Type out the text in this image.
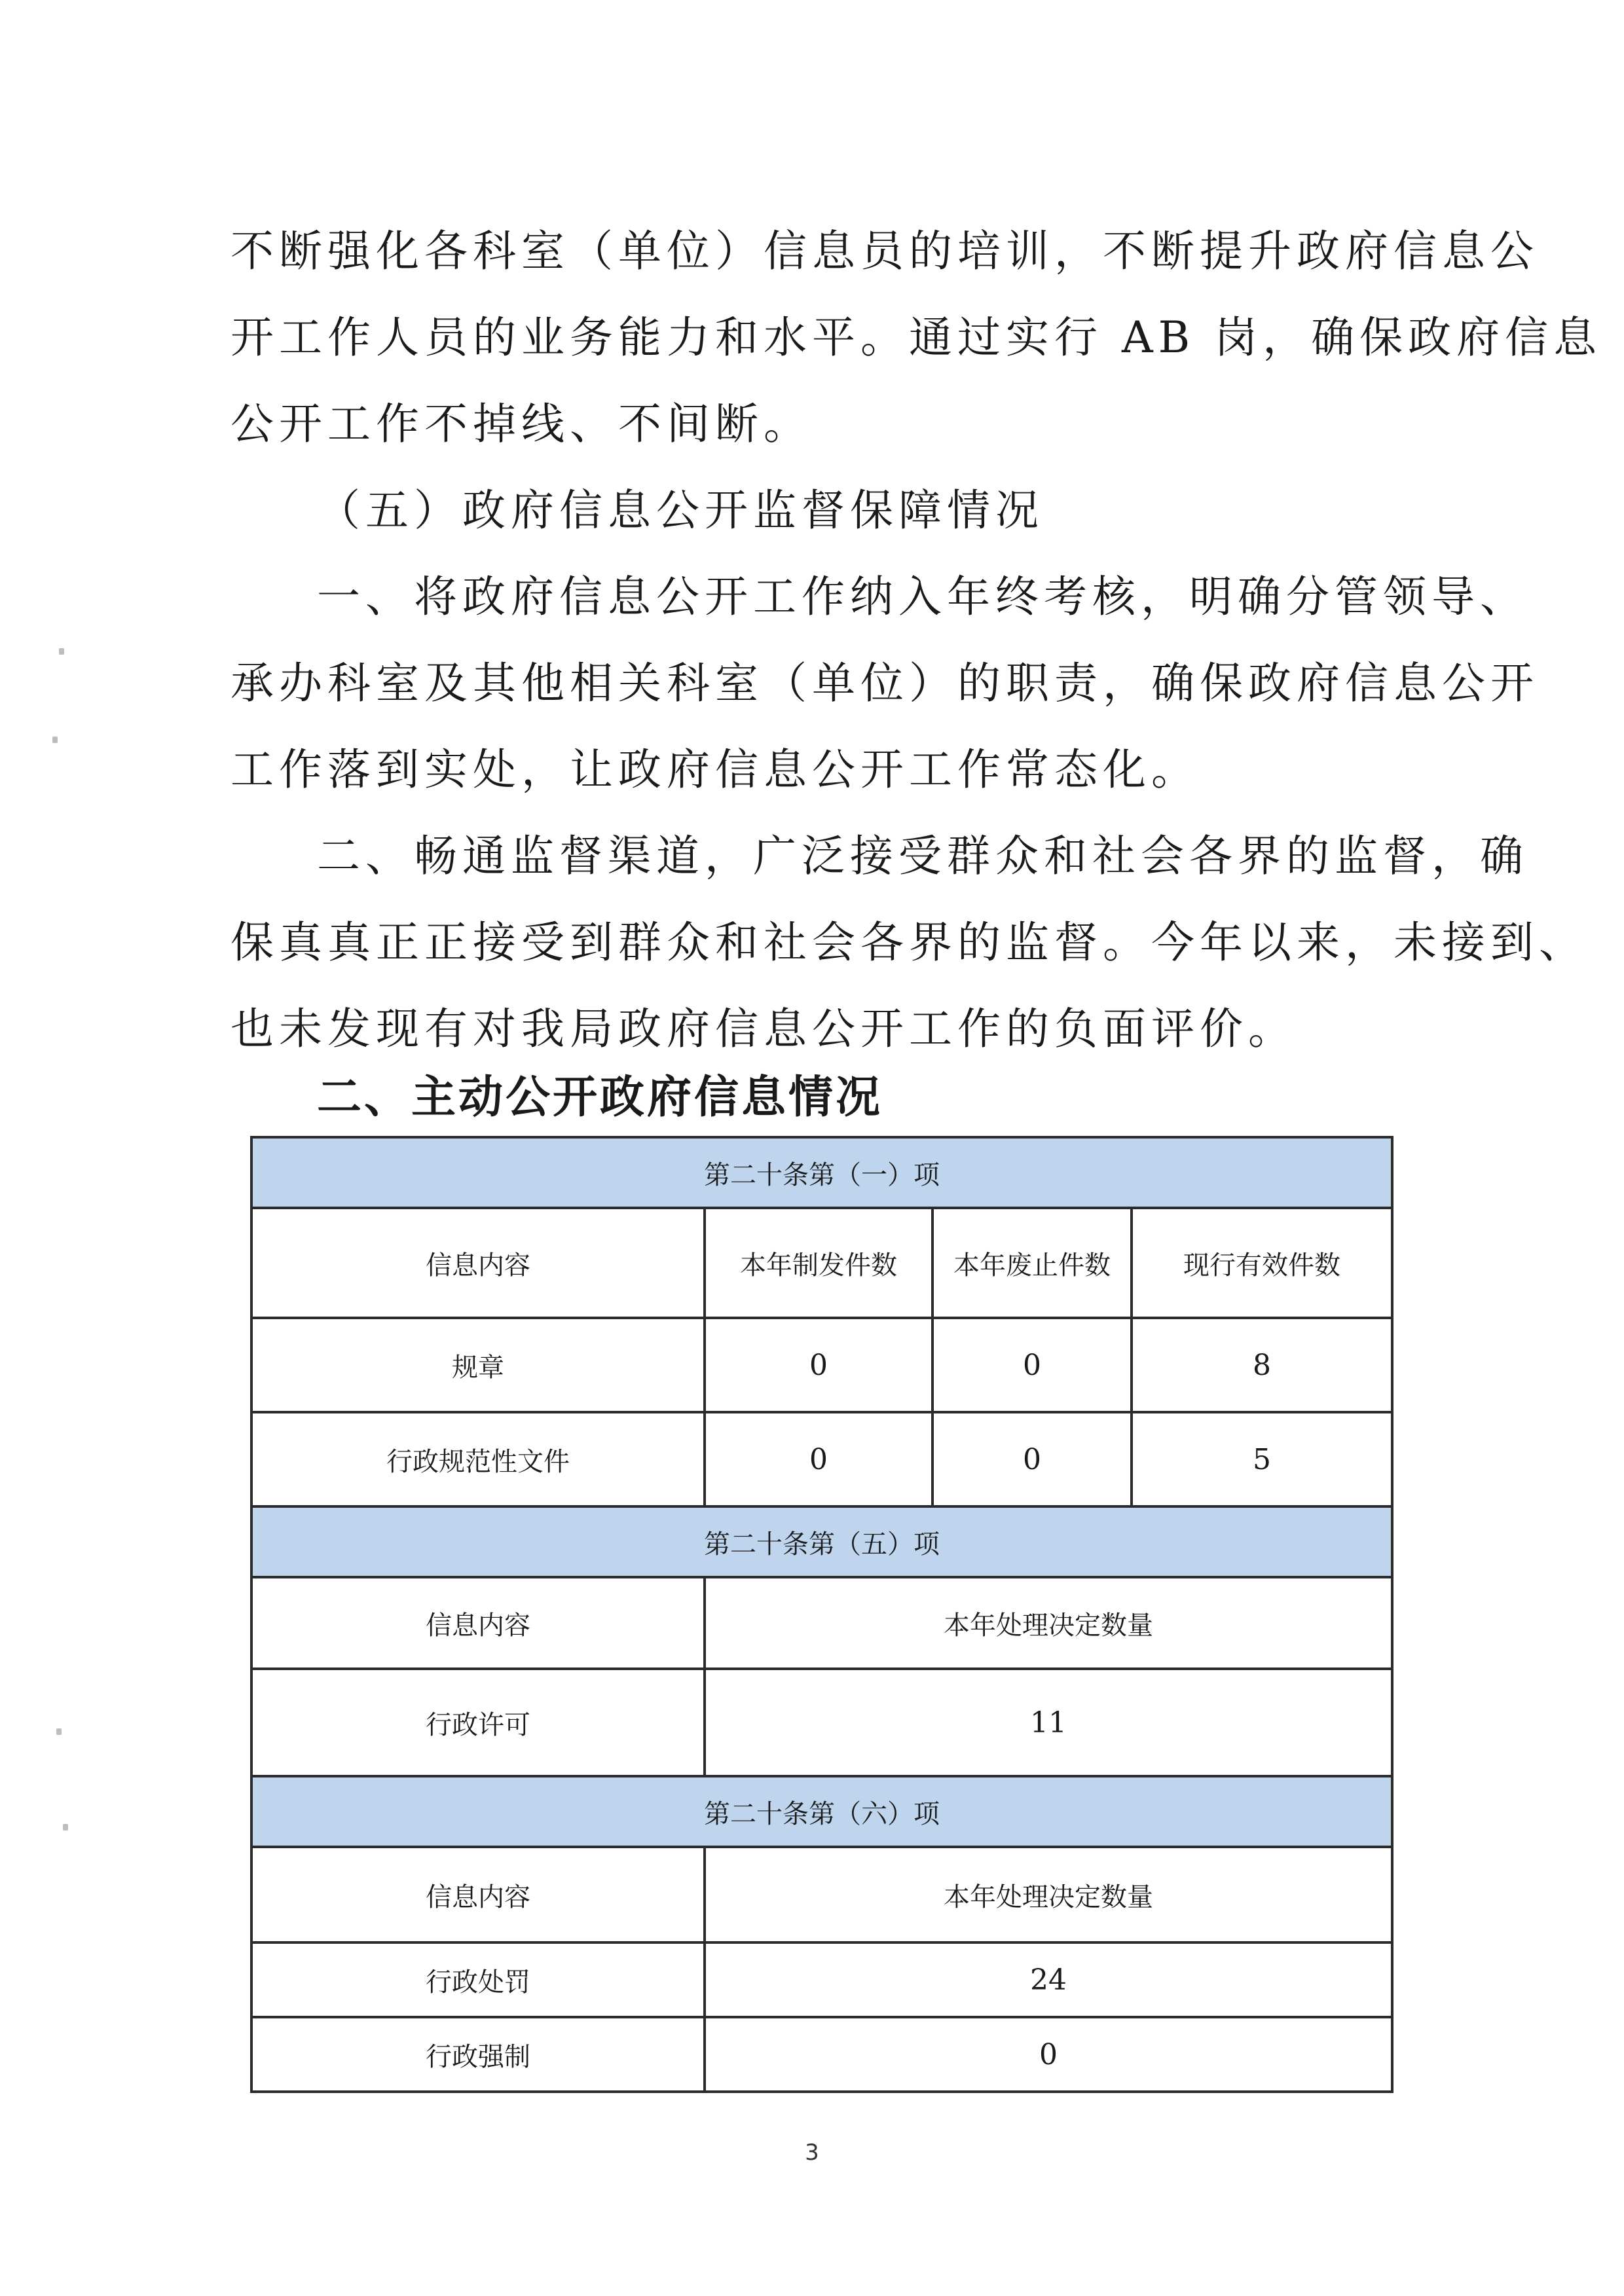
不断强化各科室（单位）信息员的培训，不断提升政府信息公
开工作人员的业务能力和水平。通过实行 AB 岗，确保政府信息
公开工作不掉线、不间断。

（五）政府信息公开监督保障情况

一、将政府信息公开工作纳入年终考核，明确分管领导、
承办科室及其他相关科室（单位）的职责，确保政府信息公开
工作落到实处，让政府信息公开工作常态化。

二、畅通监督渠道，广泛接受群众和社会各界的监督，确
保真真正正接受到群众和社会各界的监督。今年以来，未接到、
也未发现有对我局政府信息公开工作的负面评价。

二、主动公开政府信息情况
第二十条第（一）项			
信息内容	本年制发件数	本年废止件数	现行有效件数
规章	0	0	8
行政规范性文件	0	0	5
第二十条第（五）项			
信息内容	本年处理决定数量		
行政许可	11		
第二十条第（六）项			
信息内容	本年处理决定数量		
行政处罚	24		
行政强制	0		
3
